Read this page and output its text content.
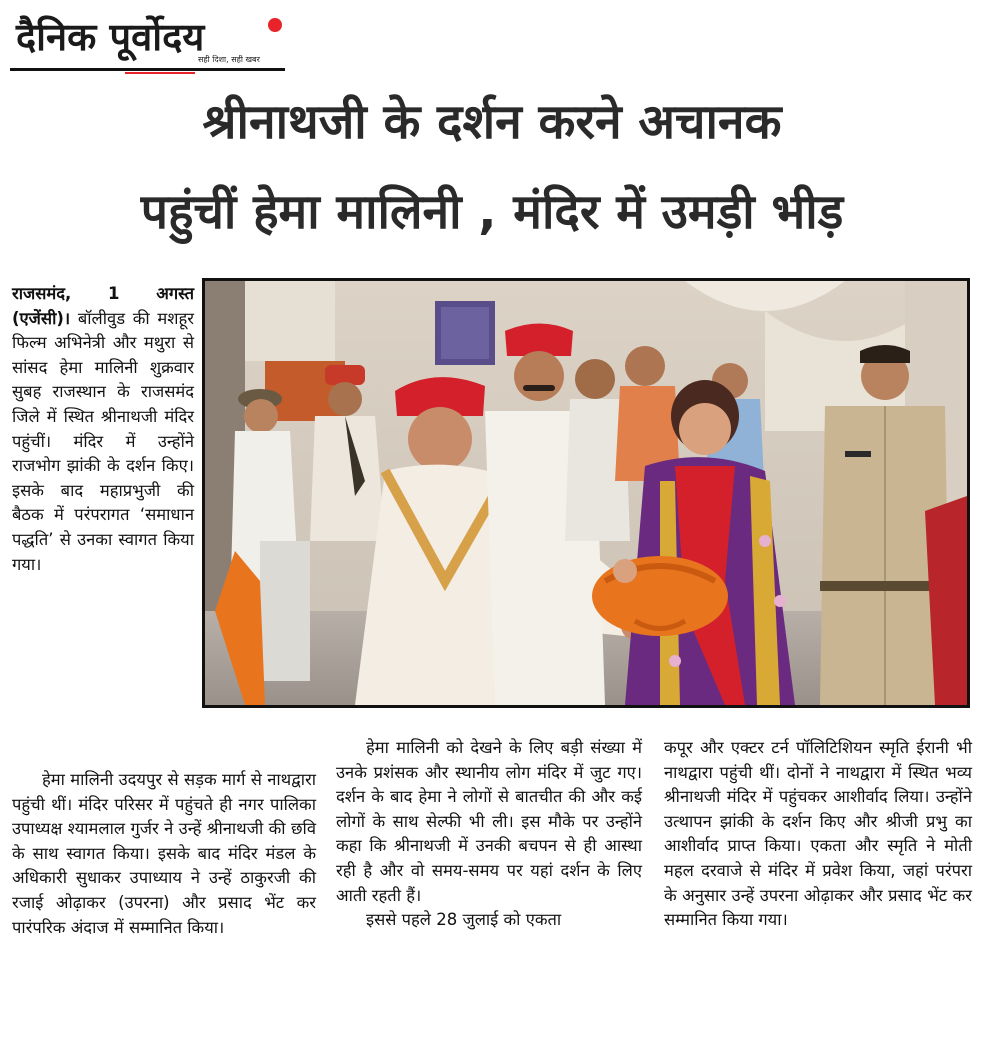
दैनिक पूर्वोदय
सही दिशा, सही खबर
श्रीनाथजी के दर्शन करने अचानक
पहुंचीं हेमा मालिनी , मंदिर में उमड़ी भीड़

राजसमंद, 1 अगस्त (एजेंसी)। बॉलीवुड की मशहूर फिल्म अभिनेत्री और मथुरा से सांसद हेमा मालिनी शुक्रवार सुबह राजस्थान के राजसमंद जिले में स्थित श्रीनाथजी मंदिर पहुंचीं। मंदिर में उन्होंने राजभोग झांकी के दर्शन किए। इसके बाद महाप्रभुजी की बैठक में परंपरागत ‘समाधान पद्धति’ से उनका स्वागत किया गया।

हेमा मालिनी उदयपुर से सड़क मार्ग से नाथद्वारा पहुंची थीं। मंदिर परिसर में पहुंचते ही नगर पालिका उपाध्यक्ष श्यामलाल गुर्जर ने उन्हें श्रीनाथजी की छवि के साथ स्वागत किया। इसके बाद मंदिर मंडल के अधिकारी सुधाकर उपाध्याय ने उन्हें ठाकुरजी की रजाई ओढ़ाकर (उपरना) और प्रसाद भेंट कर पारंपरिक अंदाज में सम्मानित किया।

हेमा मालिनी को देखने के लिए बड़ी संख्या में उनके प्रशंसक और स्थानीय लोग मंदिर में जुट गए। दर्शन के बाद हेमा ने लोगों से बातचीत की और कई लोगों के साथ सेल्फी भी ली। इस मौके पर उन्होंने कहा कि श्रीनाथजी में उनकी बचपन से ही आस्था रही है और वो समय-समय पर यहां दर्शन के लिए आती रहती हैं।

इससे पहले 28 जुलाई को एकता

कपूर और एक्टर टर्न पॉलिटिशियन स्मृति ईरानी भी नाथद्वारा पहुंची थीं। दोनों ने नाथद्वारा में स्थित भव्य श्रीनाथजी मंदिर में पहुंचकर आशीर्वाद लिया। उन्होंने उत्थापन झांकी के दर्शन किए और श्रीजी प्रभु का आशीर्वाद प्राप्त किया। एकता और स्मृति ने मोती महल दरवाजे से मंदिर में प्रवेश किया, जहां परंपरा के अनुसार उन्हें उपरना ओढ़ाकर और प्रसाद भेंट कर सम्मानित किया गया।
